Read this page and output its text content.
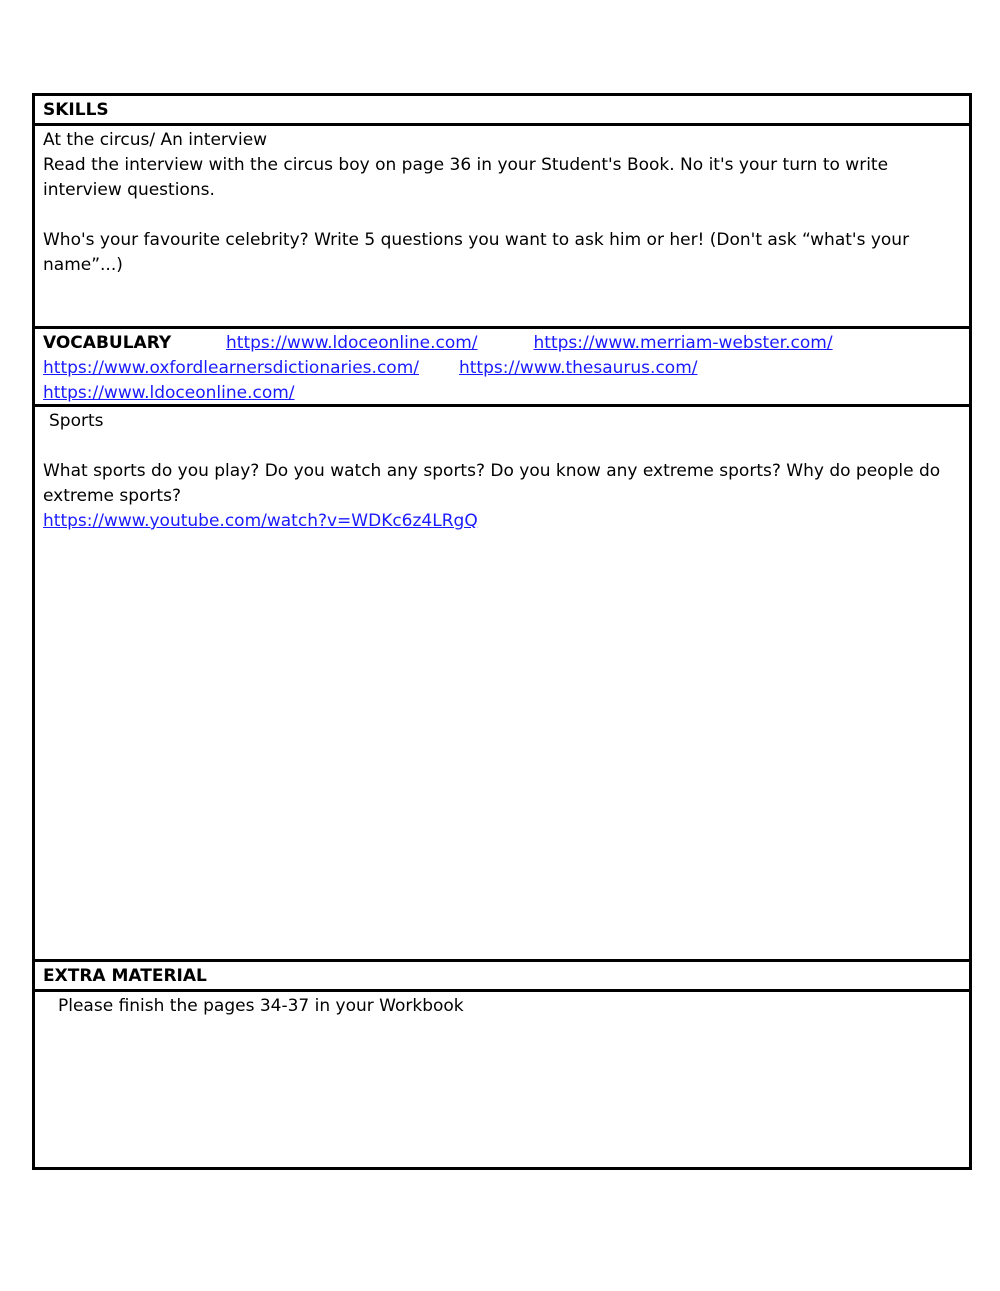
SKILLS

At the circus/ An interview

Read the interview with the circus boy on page 36 in your Student's Book. No it's your turn to write interview questions.

Who's your favourite celebrity? Write 5 questions you want to ask him or her! (Don't ask “what's your name”...)

VOCABULARY	https://www.ldoceonline.com/	https://www.merriam-webster.com/
https://www.oxfordlearnersdictionaries.com/ https://www.thesaurus.com/
https://www.ldoceonline.com/

Sports

What sports do you play? Do you watch any sports? Do you know any extreme sports? Why do people do extreme sports?

https://www.youtube.com/watch?v=WDKc6z4LRgQ
EXTRA MATERIAL

Please finish the pages 34-37 in your Workbook
